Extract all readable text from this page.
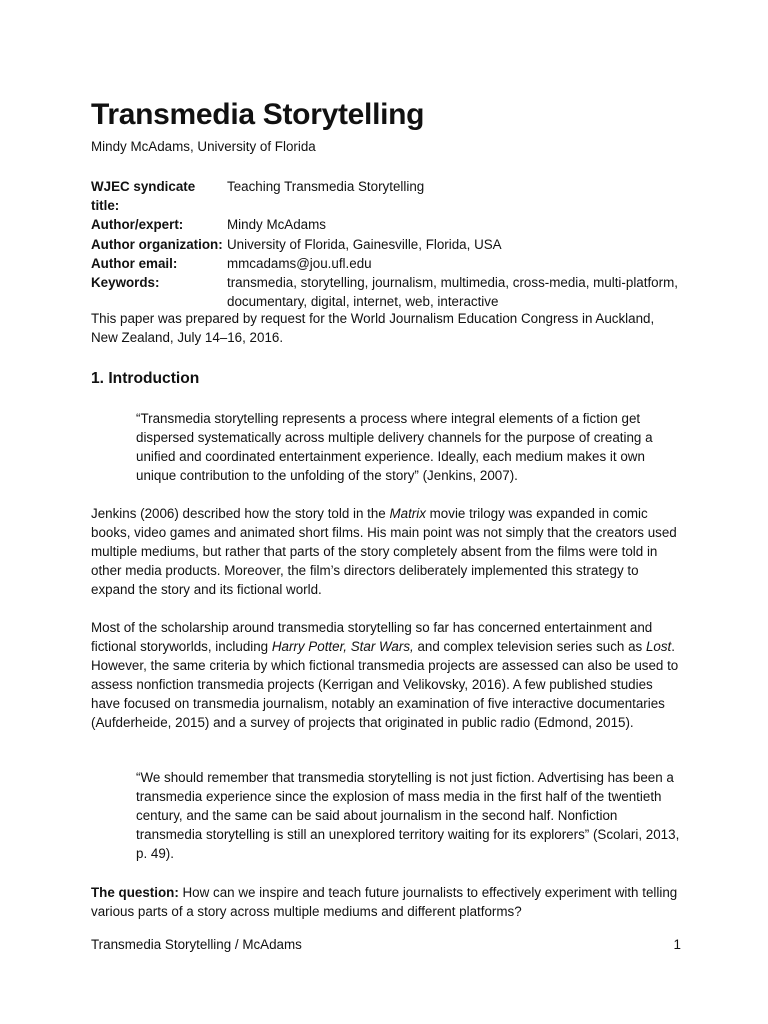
Transmedia Storytelling
Mindy McAdams, University of Florida
WJEC syndicate title:
Teaching Transmedia Storytelling
Author/expert:	Mindy McAdams
Author organization: University of Florida, Gainesville, Florida, USA
Author email:	mmcadams@jou.ufl.edu
Keywords:	transmedia, storytelling, journalism, multimedia, cross-media, multi-platform, documentary, digital, internet, web, interactive

This paper was prepared by request for the World Journalism Education Congress in Auckland, New Zealand, July 14–16, 2016.

1. Introduction
“Transmedia storytelling represents a process where integral elements of a fiction get dispersed systematically across multiple delivery channels for the purpose of creating a unified and coordinated entertainment experience. Ideally, each medium makes it own unique contribution to the unfolding of the story” (Jenkins, 2007).

Jenkins (2006) described how the story told in the Matrix movie trilogy was expanded in comic books, video games and animated short films. His main point was not simply that the creators used multiple mediums, but rather that parts of the story completely absent from the films were told in other media products. Moreover, the film’s directors deliberately implemented this strategy to expand the story and its fictional world.

Most of the scholarship around transmedia storytelling so far has concerned entertainment and fictional storyworlds, including Harry Potter, Star Wars, and complex television series such as Lost. However, the same criteria by which fictional transmedia projects are assessed can also be used to assess nonfiction transmedia projects (Kerrigan and Velikovsky, 2016). A few published studies have focused on transmedia journalism, notably an examination of five interactive documentaries (Aufderheide, 2015) and a survey of projects that originated in public radio (Edmond, 2015).

“We should remember that transmedia storytelling is not just fiction. Advertising has been a transmedia experience since the explosion of mass media in the first half of the twentieth century, and the same can be said about journalism in the second half. Nonfiction transmedia storytelling is still an unexplored territory waiting for its explorers” (Scolari, 2013, p. 49).

The question: How can we inspire and teach future journalists to effectively experiment with telling various parts of a story across multiple mediums and different platforms?

Transmedia Storytelling / McAdams	1
